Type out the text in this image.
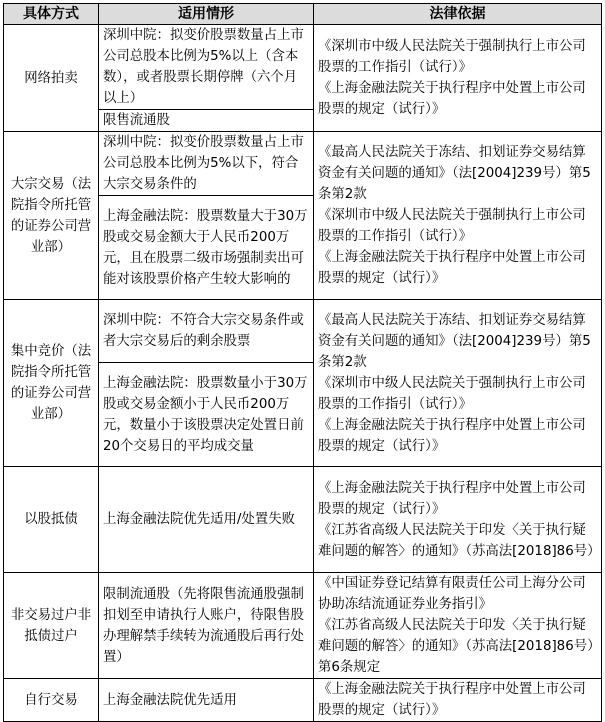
具体方式	适用情形	法律依据
网络拍卖	深圳中院：拟变价股票数量占上市公司总股本比例为5%以上（含本数），或者股票长期停牌（六个月以上）	《深圳市中级人民法院关于强制执行上市公司股票的工作指引（试行）》
《上海金融法院关于执行程序中处置上市公司股票的规定（试行）》

	限售流通股	
大宗交易（法院指令所托管的证券公司营业部）	深圳中院：拟变价股票数量占上市公司总股本比例为5%以下，符合大宗交易条件的	《最高人民法院关于冻结、扣划证券交易结算资金有关问题的通知》（法[2004]239号）第5条第2款
《深圳市中级人民法院关于强制执行上市公司股票的工作指引（试行）》
《上海金融法院关于执行程序中处置上市公司股票的规定（试行）》

	上海金融法院：股票数量大于30万股或交易金额大于人民币200万元，且在股票二级市场强制卖出可能对该股票价格产生较大影响的	
集中竞价（法院指令所托管的证券公司营业部）	深圳中院：不符合大宗交易条件或者大宗交易后的剩余股票	《最高人民法院关于冻结、扣划证券交易结算资金有关问题的通知》（法[2004]239号）第5条第2款
《深圳市中级人民法院关于强制执行上市公司股票的工作指引（试行）》
《上海金融法院关于执行程序中处置上市公司股票的规定（试行）》

	上海金融法院：股票数量小于30万股或交易金额小于人民币200万元，数量小于该股票决定处置日前20个交易日的平均成交量	
以股抵债	上海金融法院优先适用/处置失败	《上海金融法院关于执行程序中处置上市公司股票的规定（试行）》
《江苏省高级人民法院关于印发〈关于执行疑难问题的解答〉的通知》（苏高法[2018]86号）

非交易过户非抵债过户	限制流通股（先将限售流通股强制扣划至申请执行人账户，待限售股办理解禁手续转为流通股后再行处置）	《中国证券登记结算有限责任公司上海分公司协助冻结流通证券业务指引》
《江苏省高级人民法院关于印发〈关于执行疑难问题的解答〉的通知》（苏高法[2018]86号）第6条规定

自行交易	上海金融法院优先适用	《上海金融法院关于执行程序中处置上市公司股票的规定（试行）》
